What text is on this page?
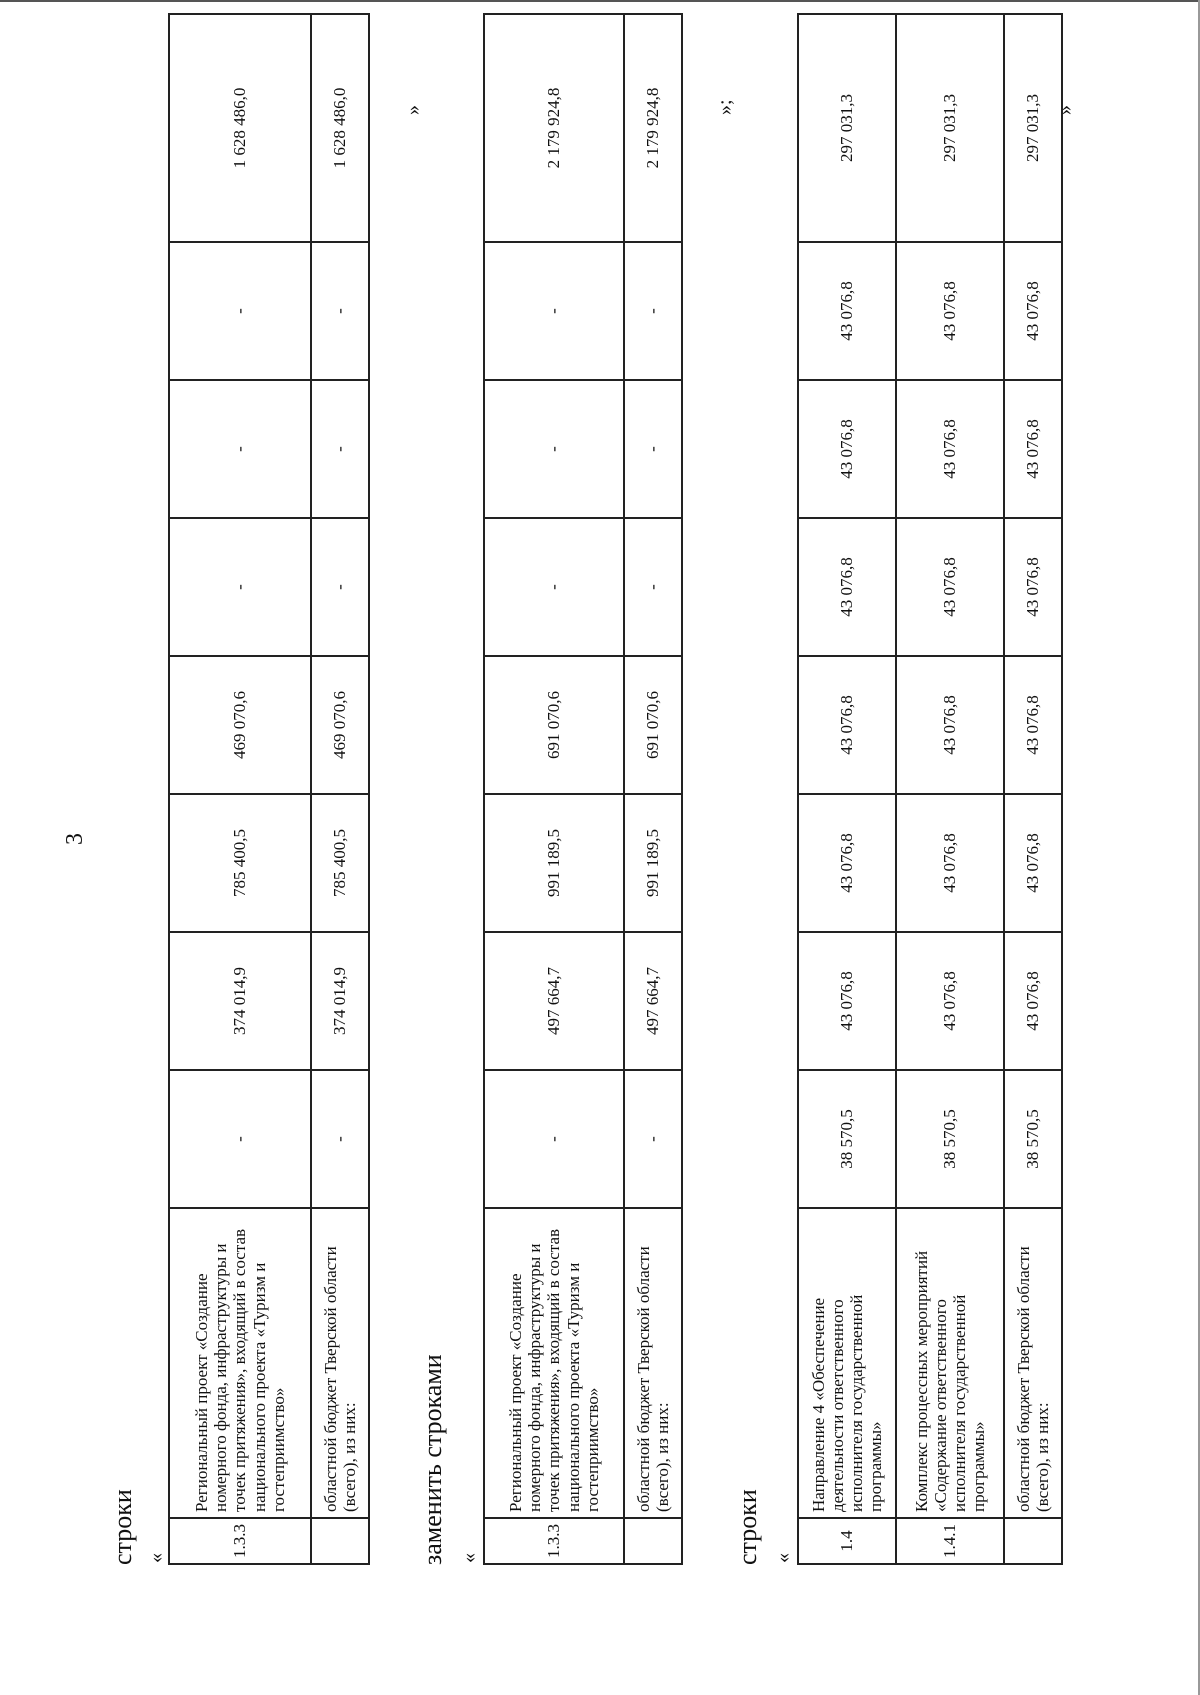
3
строки «	1.3.3	Региональный проект «Создание номерного фонда, инфраструктуры и точек притяжения», входящий в состав национального проекта «Туризм и гостеприимство»	-	374 014,9	785 400,5	469 070,6	-	-	-	1 628 486,0
	областной бюджет Тверской области (всего), из них:	-	374 014,9	785 400,5	469 070,6	-	-	-	1 628 486,0	»
заменить строками «	1.3.3	Региональный проект «Создание номерного фонда, инфраструктуры и точек притяжения», входящий в состав национального проекта «Туризм и гостеприимство»	-	497 664,7	991 189,5	691 070,6	-	-	-	2 179 924,8
	областной бюджет Тверской области (всего), из них:	-	497 664,7	991 189,5	691 070,6	-	-	-	2 179 924,8	»;
строки «
1.4	Направление 4 «Обеспечение деятельности ответственного исполнителя государственной программы»	38 570,5	43 076,8	43 076,8	43 076,8	43 076,8	43 076,8	43 076,8	297 031,3
1.4.1	Комплекс процессных мероприятий «Содержание ответственного исполнителя государственной программы»	38 570,5	43 076,8	43 076,8	43 076,8	43 076,8	43 076,8	43 076,8	297 031,3
	областной бюджет Тверской области (всего), из них:	38 570,5	43 076,8	43 076,8	43 076,8	43 076,8	43 076,8	43 076,8	297 031,3 »
